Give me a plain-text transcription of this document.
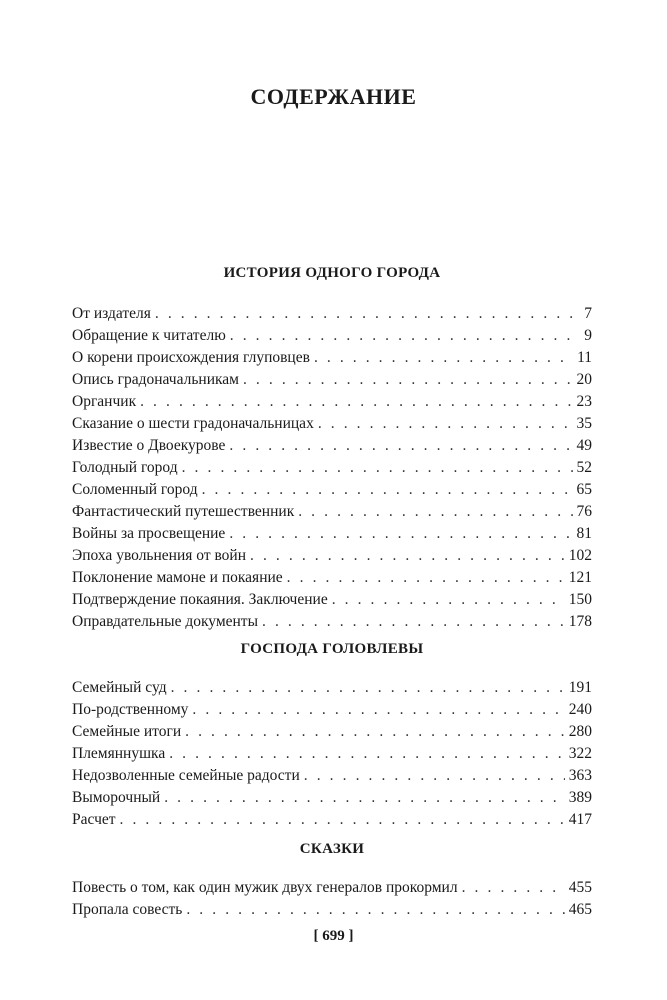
СОДЕРЖАНИЕ
ИСТОРИЯ ОДНОГО ГОРОДА
От издателя . . .	7
Обращение к читателю . . .	9
О корени происхождения глуповцев . . .	11
Опись градоначальникам . . .	20
Органчик . . .	23
Сказание о шести градоначальницах . . .	35
Известие о Двоекурове . . .	49
Голодный город . . .	52
Соломенный город . . .	65
Фантастический путешественник . . .	76
Войны за просвещение . . .	81
Эпоха увольнения от войн . . .	102
Поклонение мамоне и покаяние . . .	121
Подтверждение покаяния. Заключение . . .	150
Оправдательные документы . . .	178
ГОСПОДА ГОЛОВЛЕВЫ
Семейный суд . . .	191
По-родственному . . .	240
Семейные итоги . . .	280
Племяннушка . . .	322
Недозволенные семейные радости . . .	363
Выморочный . . .	389
Расчет . . .	417
СКАЗКИ
Повесть о том, как один мужик двух генералов прокормил . . .	455
Пропала совесть . . .	465
[ 699 ]
